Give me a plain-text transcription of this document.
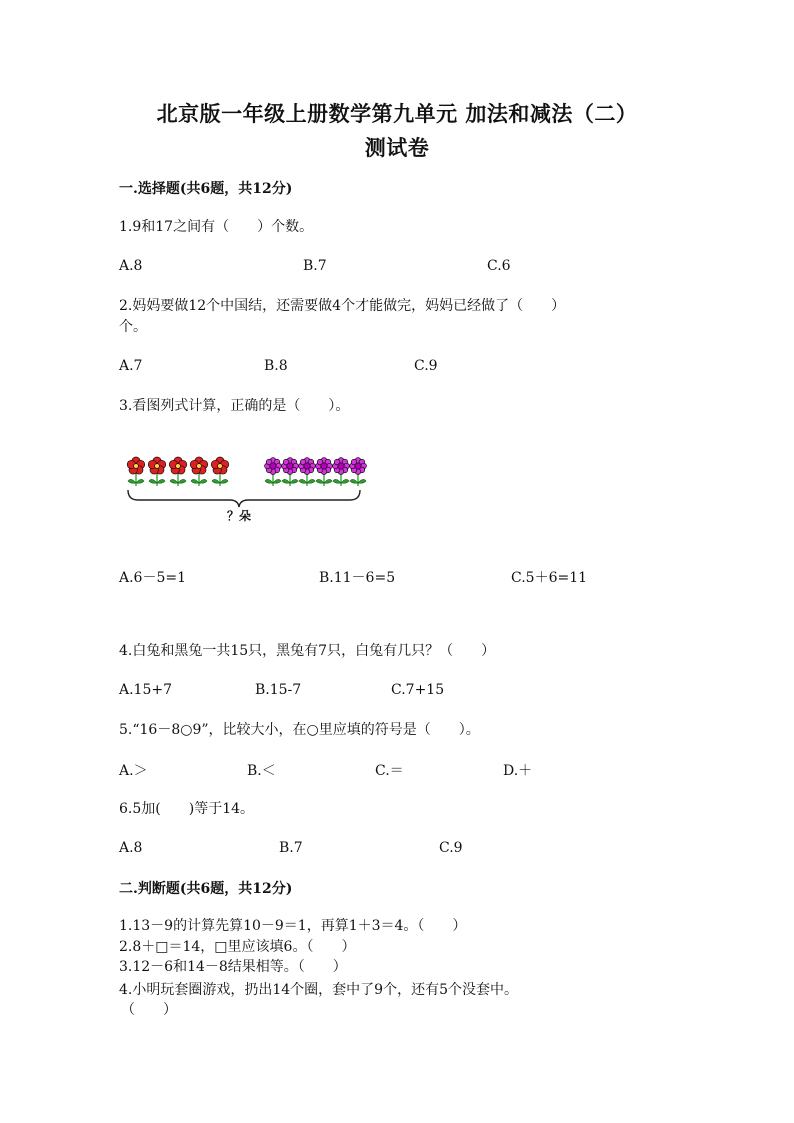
北京版一年级上册数学第九单元 加法和减法（二）
测试卷
一.选择题(共6题，共12分)
1.9和17之间有（　　）个数。
A.8	B.7	C.6
2.妈妈要做12个中国结，还需要做4个才能做完，妈妈已经做了（　　）
个。
A.7	B.8	C.9
3.看图列式计算，正确的是（　　）。
？朵
A.6－5=1	B.11－6=5	C.5＋6=11
4.白兔和黑兔一共15只，黑兔有7只，白兔有几只？（　　）
A.15+7	B.15-7	C.7+15
5.“16－8○9”，比较大小，在○里应填的符号是（　　）。
A.＞	B.＜	C.＝	D.＋
6.5加(　　)等于14。
A.8	B.7	C.9
二.判断题(共6题，共12分)
1.13－9的计算先算10－9＝1，再算1＋3＝4。（　　）
2.8＋□＝14，□里应该填6。（　　）
3.12－6和14－8结果相等。（　　）
4.小明玩套圈游戏，扔出14个圈，套中了9个，还有5个没套中。
（　　）
